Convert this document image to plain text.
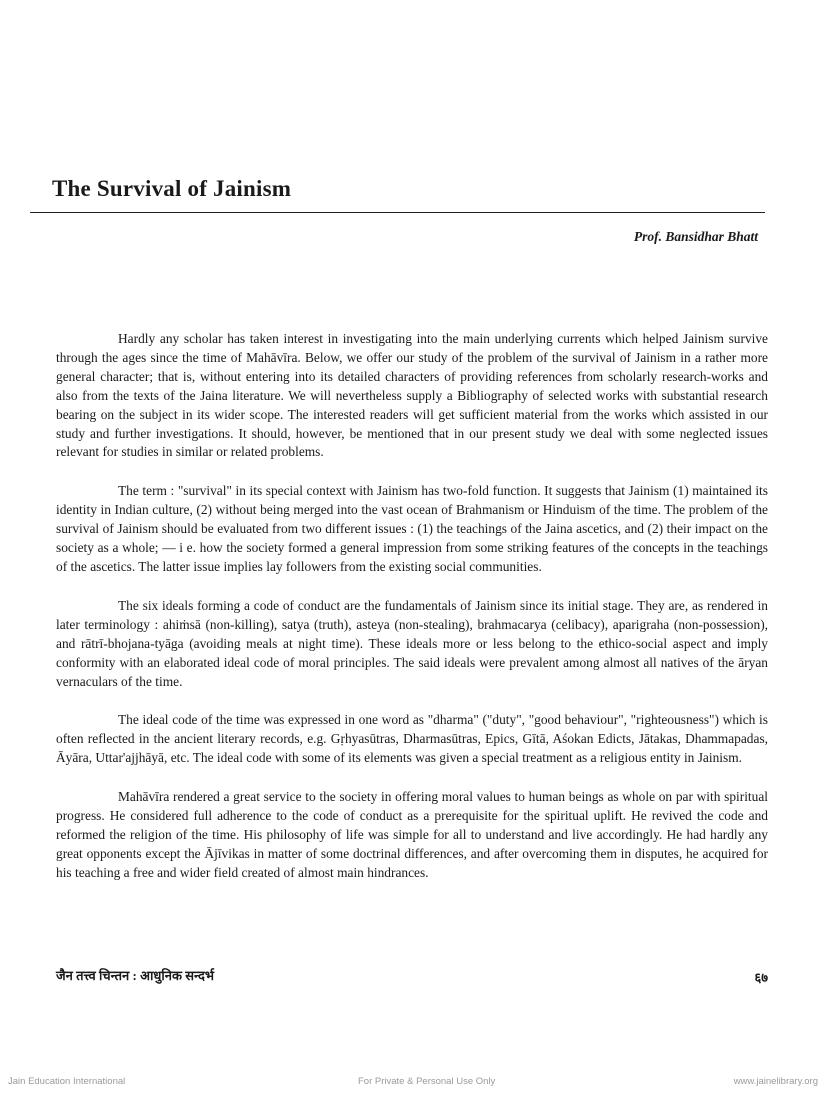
The Survival of Jainism
Prof. Bansidhar Bhatt

Hardly any scholar has taken interest in investigating into the main underlying currents which helped Jainism survive through the ages since the time of Mahāvīra. Below, we offer our study of the problem of the survival of Jainism in a rather more general character; that is, without entering into its detailed characters of providing references from scholarly research-works and also from the texts of the Jaina literature. We will nevertheless supply a Bibliography of selected works with substantial research bearing on the subject in its wider scope. The interested readers will get sufficient material from the works which assisted in our study and further investigations. It should, however, be mentioned that in our present study we deal with some neglected issues relevant for studies in similar or related problems.

The term : "survival" in its special context with Jainism has two-fold function. It suggests that Jainism (1) maintained its identity in Indian culture, (2) without being merged into the vast ocean of Brahmanism or Hinduism of the time. The problem of the survival of Jainism should be evaluated from two different issues : (1) the teachings of the Jaina ascetics, and (2) their impact on the society as a whole; — i e. how the society formed a general impression from some striking features of the concepts in the teachings of the ascetics. The latter issue implies lay followers from the existing social communities.

The six ideals forming a code of conduct are the fundamentals of Jainism since its initial stage. They are, as rendered in later terminology : ahiṁsā (non-killing), satya (truth), asteya (non-stealing), brahmacarya (celibacy), aparigraha (non-possession), and rātrī-bhojana-tyāga (avoiding meals at night time). These ideals more or less belong to the ethico-social aspect and imply conformity with an elaborated ideal code of moral principles. The said ideals were prevalent among almost all natives of the āryan vernaculars of the time.

The ideal code of the time was expressed in one word as "dharma" ("duty", "good behaviour", "righteousness") which is often reflected in the ancient literary records, e.g. Gṛhyasūtras, Dharmasūtras, Epics, Gītā, Aśokan Edicts, Jātakas, Dhammapadas, Āyāra, Uttar'ajjhāyā, etc. The ideal code with some of its elements was given a special treatment as a religious entity in Jainism.

Mahāvīra rendered a great service to the society in offering moral values to human beings as whole on par with spiritual progress. He considered full adherence to the code of conduct as a prerequisite for the spiritual uplift. He revived the code and reformed the religion of the time. His philosophy of life was simple for all to understand and live accordingly. He had hardly any great opponents except the Ājīvikas in matter of some doctrinal differences, and after overcoming them in disputes, he acquired for his teaching a free and wider field created of almost main hindrances.

जैन तत्त्व चिन्तन : आधुनिक सन्दर्भ	६७
Jain Education International	For Private & Personal Use Only	www.jainelibrary.org
